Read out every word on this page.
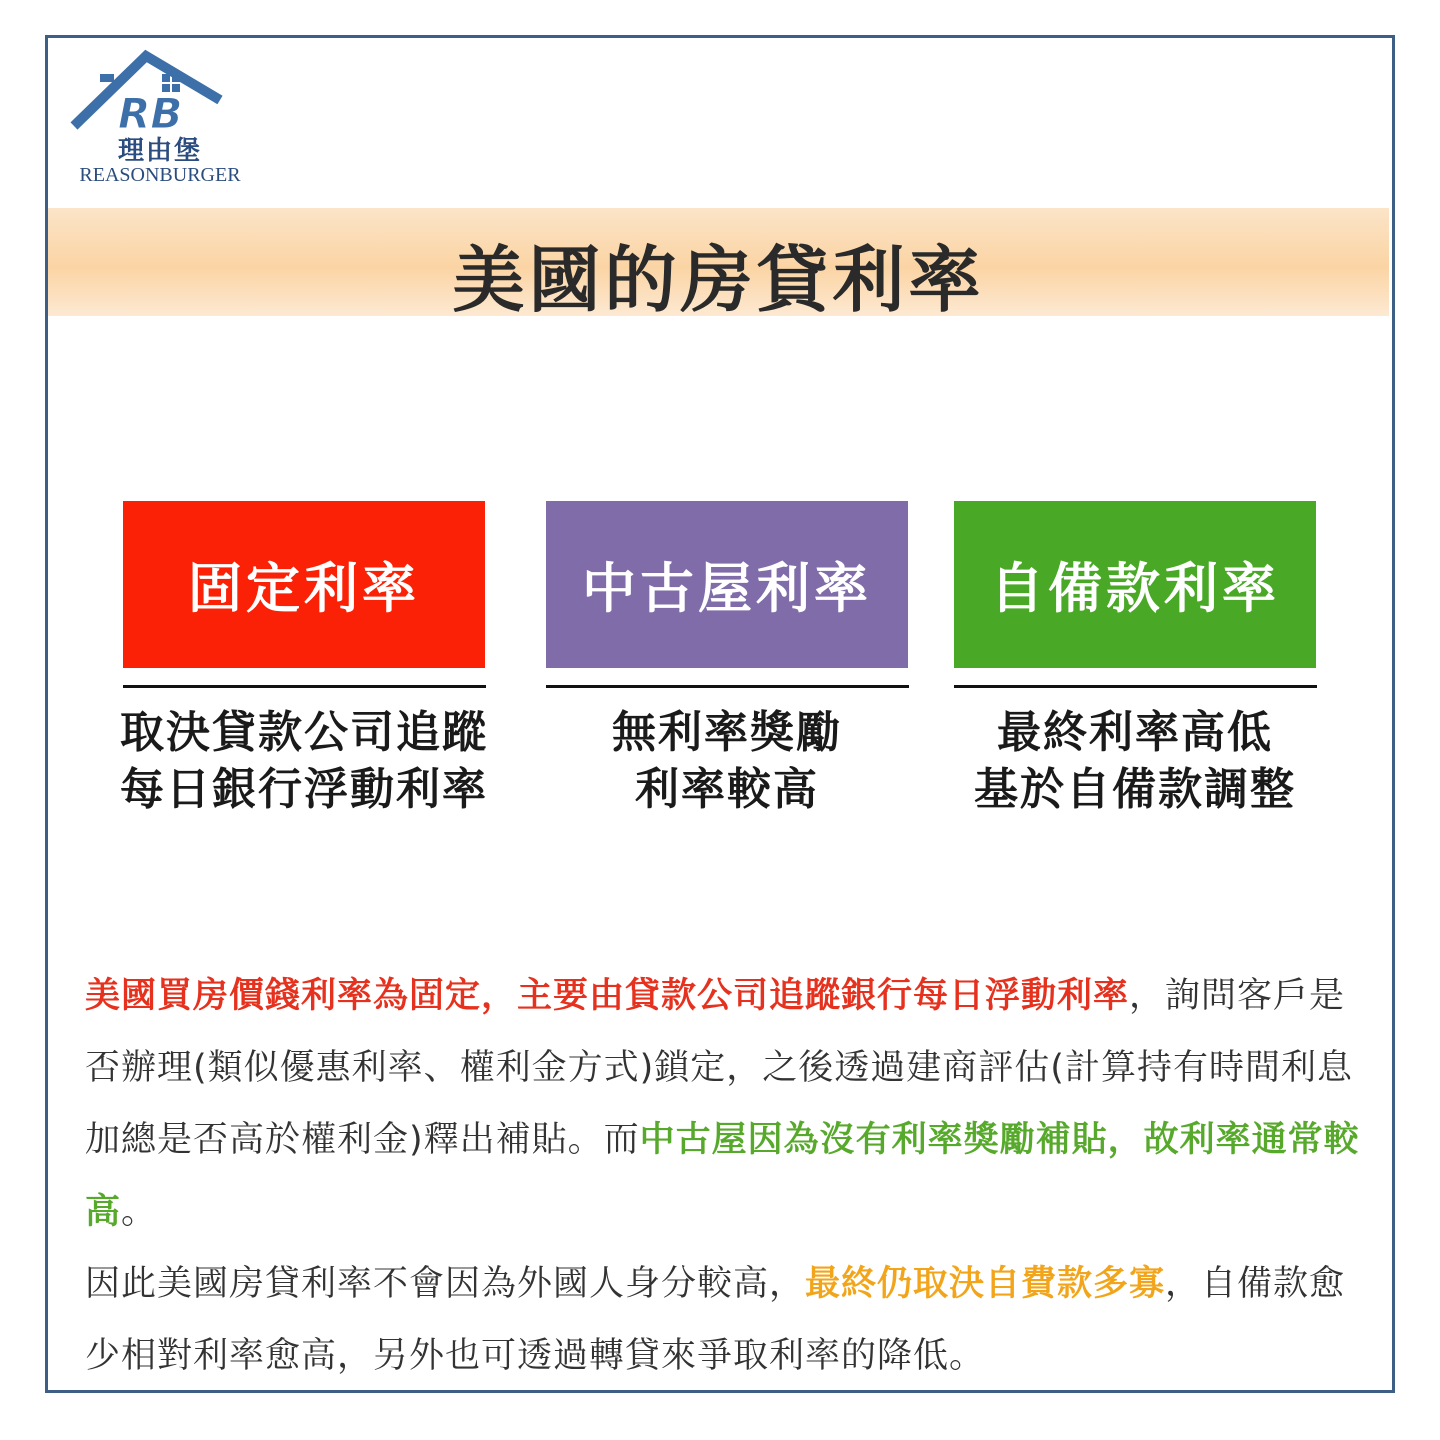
RB
理由堡
REASONBURGER
美國的房貸利率
固定利率	中古屋利率	自備款利率
取決貸款公司追蹤
每日銀行浮動利率
無利率獎勵
利率較高
最終利率高低
基於自備款調整

美國買房價錢利率為固定，主要由貸款公司追蹤銀行每日浮動利率，詢問客戶是否辦理(類似優惠利率、權利金方式)鎖定，之後透過建商評估(計算持有時間利息加總是否高於權利金)釋出補貼。而中古屋因為沒有利率獎勵補貼，故利率通常較高。

因此美國房貸利率不會因為外國人身分較高，最終仍取決自費款多寡，自備款愈少相對利率愈高，另外也可透過轉貸來爭取利率的降低。
